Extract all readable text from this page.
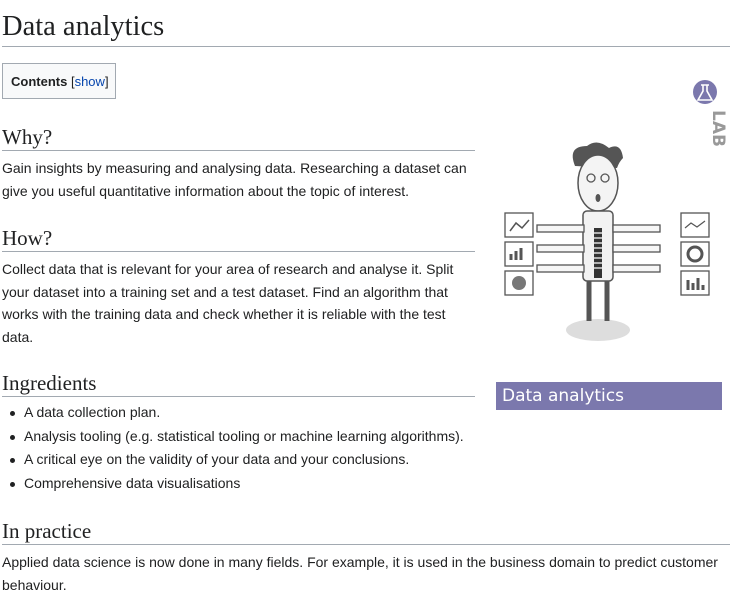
Data analytics
Contents [show]
Why?

Gain insights by measuring and analysing data. Researching a dataset can
give you useful quantitative information about the topic of interest.

How?

Collect data that is relevant for your area of research and analyse it. Split
your dataset into a training set and a test dataset. Find an algorithm that
works with the training data and check whether it is reliable with the test
data.

Ingredients
A data collection plan.
Analysis tooling (e.g. statistical tooling or machine learning algorithms).
A critical eye on the validity of your data and your conclusions.
Comprehensive data visualisations
In practice

Applied data science is now done in many fields. For example, it is used in the business domain to predict customer
behaviour.

LAB
Data analytics
